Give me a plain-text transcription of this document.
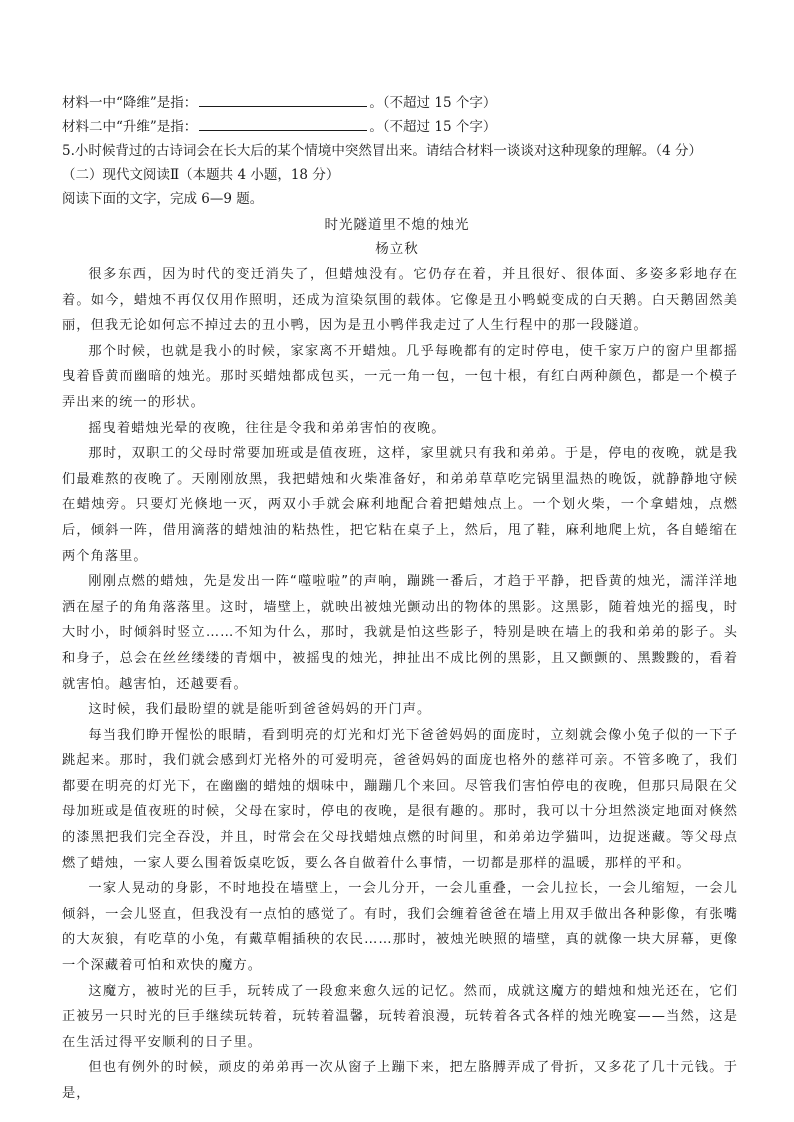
材料一中“降维”是指：	。（不超过 15 个字）
材料二中“升维”是指：	。（不超过 15 个字）
5.小时候背过的古诗词会在长大后的某个情境中突然冒出来。请结合材料一谈谈对这种现象的理解。（4 分）
（二）现代文阅读Ⅱ（本题共 4 小题，18 分）
阅读下面的文字，完成 6—9 题。
时光隧道里不熄的烛光
杨立秋

很多东西，因为时代的变迁消失了，但蜡烛没有。它仍存在着，并且很好、很体面、多姿多彩地存在着。如今，蜡烛不再仅仅用作照明，还成为渲染氛围的载体。它像是丑小鸭蜕变成的白天鹅。白天鹅固然美丽，但我无论如何忘不掉过去的丑小鸭，因为是丑小鸭伴我走过了人生行程中的那一段隧道。

那个时候，也就是我小的时候，家家离不开蜡烛。几乎每晚都有的定时停电，使千家万户的窗户里都摇曳着昏黄而幽暗的烛光。那时买蜡烛都成包买，一元一角一包，一包十根，有红白两种颜色，都是一个模子弄出来的统一的形状。

摇曳着蜡烛光晕的夜晚，往往是令我和弟弟害怕的夜晚。

那时，双职工的父母时常要加班或是值夜班，这样，家里就只有我和弟弟。于是，停电的夜晚，就是我们最难熬的夜晚了。天刚刚放黑，我把蜡烛和火柴准备好，和弟弟草草吃完锅里温热的晚饭，就静静地守候在蜡烛旁。只要灯光倏地一灭，两双小手就会麻利地配合着把蜡烛点上。一个划火柴，一个拿蜡烛，点燃后，倾斜一阵，借用滴落的蜡烛油的粘热性，把它粘在桌子上，然后，甩了鞋，麻利地爬上炕，各自蜷缩在两个角落里。

刚刚点燃的蜡烛，先是发出一阵“噬啦啦”的声响，蹦跳一番后，才趋于平静，把昏黄的烛光，濡洋洋地洒在屋子的角角落落里。这时，墙壁上，就映出被烛光颤动出的物体的黑影。这黑影，随着烛光的摇曳，时大时小，时倾斜时竖立……不知为什么，那时，我就是怕这些影子，特别是映在墙上的我和弟弟的影子。头和身子，总会在丝丝缕缕的青烟中，被摇曳的烛光，抻扯出不成比例的黑影，且又颤颤的、黑黢黢的，看着就害怕。越害怕，还越要看。

这时候，我们最盼望的就是能听到爸爸妈妈的开门声。

每当我们睁开惺忪的眼睛，看到明亮的灯光和灯光下爸爸妈妈的面庞时，立刻就会像小兔子似的一下子跳起来。那时，我们就会感到灯光格外的可爱明亮，爸爸妈妈的面庞也格外的慈祥可亲。不管多晚了，我们都要在明亮的灯光下，在幽幽的蜡烛的烟味中，蹦蹦几个来回。尽管我们害怕停电的夜晚，但那只局限在父母加班或是值夜班的时候，父母在家时，停电的夜晚，是很有趣的。那时，我可以十分坦然淡定地面对倏然的漆黑把我们完全吞没，并且，时常会在父母找蜡烛点燃的时间里，和弟弟边学猫叫，边捉迷藏。等父母点燃了蜡烛，一家人要么围着饭桌吃饭，要么各自做着什么事情，一切都是那样的温暖，那样的平和。

一家人晃动的身影，不时地投在墙壁上，一会儿分开，一会儿重叠，一会儿拉长，一会儿缩短，一会儿倾斜，一会儿竖直，但我没有一点怕的感觉了。有时，我们会缠着爸爸在墙上用双手做出各种影像，有张嘴的大灰狼，有吃草的小兔，有戴草帽插秧的农民……那时，被烛光映照的墙壁，真的就像一块大屏幕，更像一个深藏着可怕和欢快的魔方。

这魔方，被时光的巨手，玩转成了一段愈来愈久远的记忆。然而，成就这魔方的蜡烛和烛光还在，它们正被另一只时光的巨手继续玩转着，玩转着温馨，玩转着浪漫，玩转着各式各样的烛光晚宴——当然，这是在生活过得平安顺利的日子里。

但也有例外的时候，顽皮的弟弟再一次从窗子上蹦下来，把左胳膊弄成了骨折，又多花了几十元钱。于是，
